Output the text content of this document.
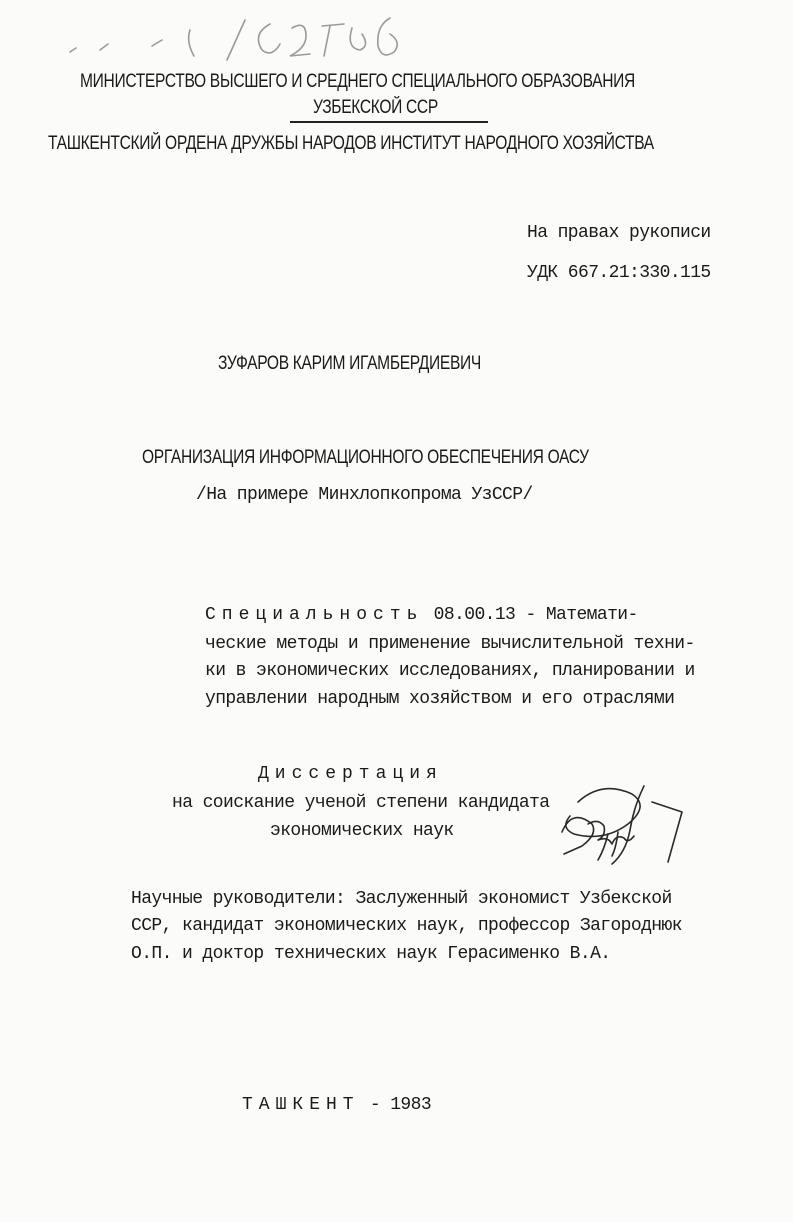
МИНИСТЕРСТВО ВЫСШЕГО И СРЕДНЕГО СПЕЦИАЛЬНОГО ОБРАЗОВАНИЯ
УЗБЕКСКОЙ ССР
ТАШКЕНТСКИЙ ОРДЕНА ДРУЖБЫ НАРОДОВ ИНСТИТУТ НАРОДНОГО ХОЗЯЙСТВА
На правах рукописи
УДК 667.21:330.115
ЗУФАРОВ КАРИМ ИГАМБЕРДИЕВИЧ
ОРГАНИЗАЦИЯ ИНФОРМАЦИОННОГО ОБЕСПЕЧЕНИЯ ОАСУ
/На примере Минхлопкопрома УзССР/
Специальность 08.00.13 - Математи-
ческие методы и применение вычислительной техни-
ки в экономических исследованиях, планировании и
управлении народным хозяйством и его отраслями
Диссертация
на соискание ученой степени кандидата
экономических наук
Научные руководители: Заслуженный экономист Узбекской
ССР, кандидат экономических наук, профессор Загороднюк
О.П. и доктор технических наук Герасименко В.А.
ТАШКЕНТ - 1983
